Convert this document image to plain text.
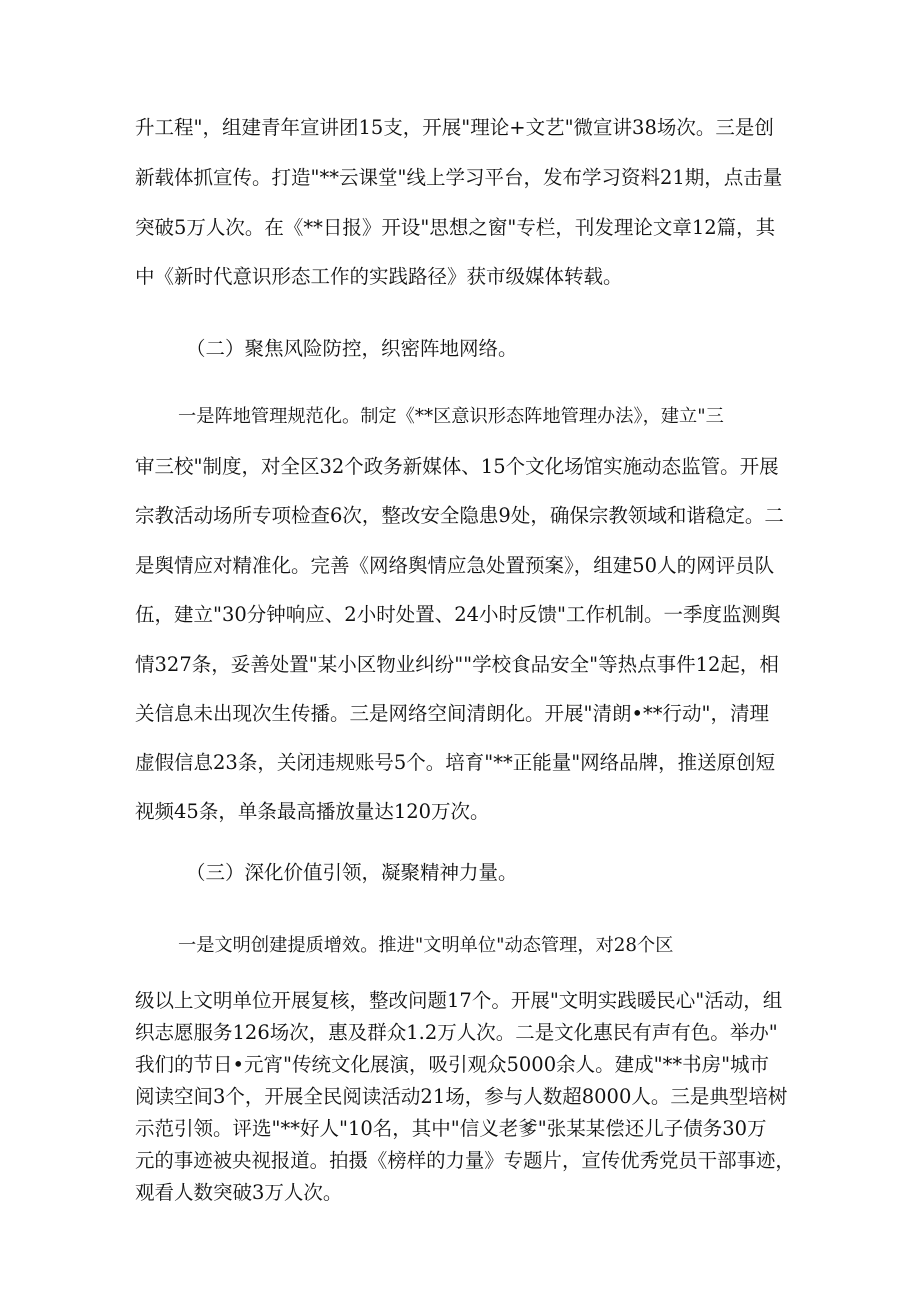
升工程"，组建青年宣讲团15支，开展"理论+文艺"微宣讲38场次。三是创
新载体抓宣传。打造"**云课堂"线上学习平台，发布学习资料21期，点击量
突破5万人次。在《**日报》开设"思想之窗"专栏，刊发理论文章12篇，其
中《新时代意识形态工作的实践路径》获市级媒体转载。
（二）聚焦风险防控，织密阵地网络。
一是阵地管理规范化。制定《**区意识形态阵地管理办法》，建立"三
审三校"制度，对全区32个政务新媒体、15个文化场馆实施动态监管。开展
宗教活动场所专项检查6次，整改安全隐患9处，确保宗教领域和谐稳定。二
是舆情应对精准化。完善《网络舆情应急处置预案》，组建50人的网评员队
伍，建立"30分钟响应、2小时处置、24小时反馈"工作机制。一季度监测舆
情327条，妥善处置"某小区物业纠纷""学校食品安全"等热点事件12起，相
关信息未出现次生传播。三是网络空间清朗化。开展"清朗•**行动"，清理
虚假信息23条，关闭违规账号5个。培育"**正能量"网络品牌，推送原创短
视频45条，单条最高播放量达120万次。
（三）深化价值引领，凝聚精神力量。
一是文明创建提质增效。推进"文明单位"动态管理，对28个区
级以上文明单位开展复核，整改问题17个。开展"文明实践暖民心"活动，组
织志愿服务126场次，惠及群众1.2万人次。二是文化惠民有声有色。举办"
我们的节日•元宵"传统文化展演，吸引观众5000余人。建成"**书房"城市
阅读空间3个，开展全民阅读活动21场，参与人数超8000人。三是典型培树
示范引领。评选"**好人"10名，其中"信义老爹"张某某偿还儿子债务30万
元的事迹被央视报道。拍摄《榜样的力量》专题片，宣传优秀党员干部事迹，
观看人数突破3万人次。
